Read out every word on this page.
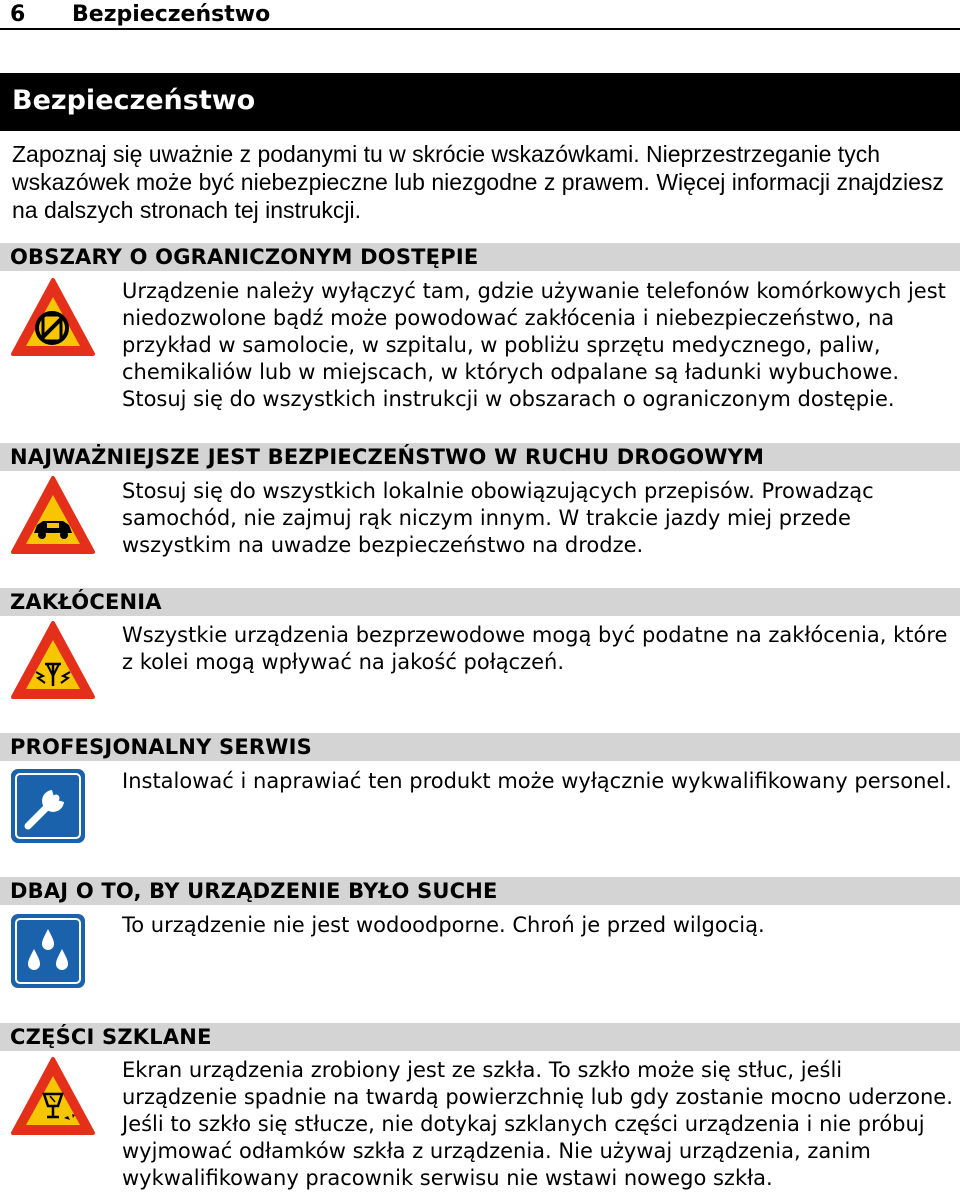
6 Bezpieczeństwo
Bezpieczeństwo
Zapoznaj się uważnie z podanymi tu w skrócie wskazówkami. Nieprzestrzeganie tych wskazówek może być niebezpieczne lub niezgodne z prawem. Więcej informacji znajdziesz na dalszych stronach tej instrukcji.
OBSZARY O OGRANICZONYM DOSTĘPIE
Urządzenie należy wyłączyć tam, gdzie używanie telefonów komórkowych jest niedozwolone bądź może powodować zakłócenia i niebezpieczeństwo, na przykład w samolocie, w szpitalu, w pobliżu sprzętu medycznego, paliw, chemikaliów lub w miejscach, w których odpalane są ładunki wybuchowe. Stosuj się do wszystkich instrukcji w obszarach o ograniczonym dostępie.
NAJWAŻNIEJSZE JEST BEZPIECZEŃSTWO W RUCHU DROGOWYM
Stosuj się do wszystkich lokalnie obowiązujących przepisów. Prowadząc samochód, nie zajmuj rąk niczym innym. W trakcie jazdy miej przede wszystkim na uwadze bezpieczeństwo na drodze.
ZAKŁÓCENIA
Wszystkie urządzenia bezprzewodowe mogą być podatne na zakłócenia, które z kolei mogą wpływać na jakość połączeń.
PROFESJONALNY SERWIS
Instalować i naprawiać ten produkt może wyłącznie wykwalifikowany personel.
DBAJ O TO, BY URZĄDZENIE BYŁO SUCHE
To urządzenie nie jest wodoodporne. Chroń je przed wilgocią.
CZĘŚCI SZKLANE
Ekran urządzenia zrobiony jest ze szkła. To szkło może się stłuc, jeśli urządzenie spadnie na twardą powierzchnię lub gdy zostanie mocno uderzone. Jeśli to szkło się stłucze, nie dotykaj szklanych części urządzenia i nie próbuj wyjmować odłamków szkła z urządzenia. Nie używaj urządzenia, zanim wykwalifikowany pracownik serwisu nie wstawi nowego szkła.
